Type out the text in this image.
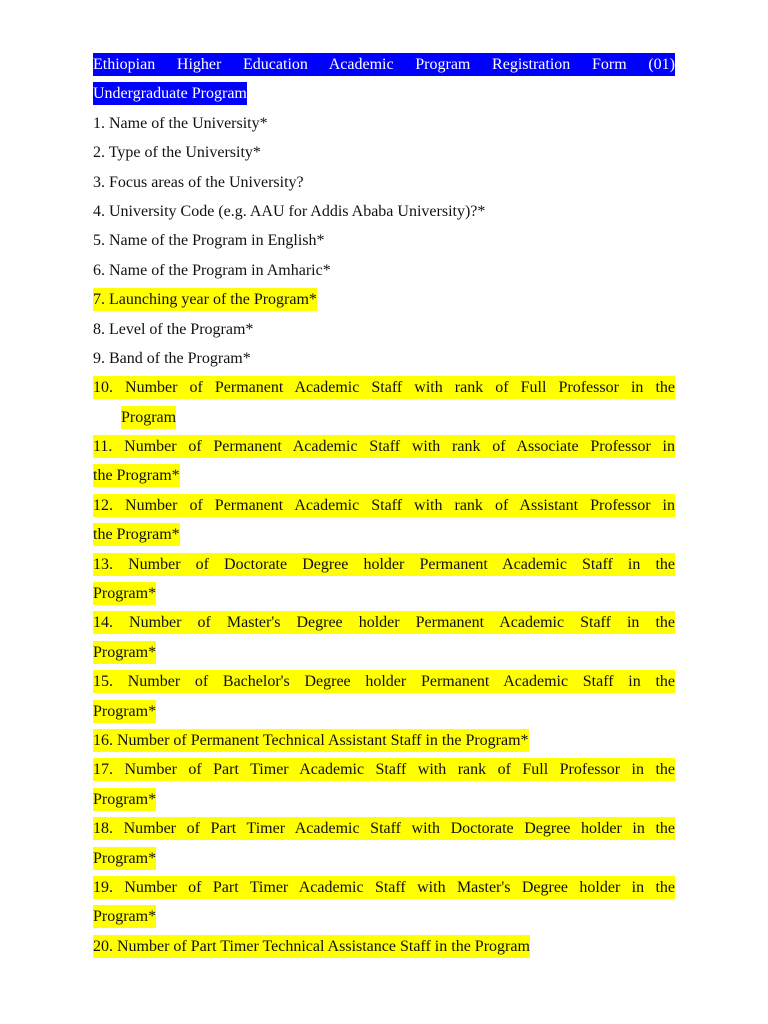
Ethiopian Higher Education Academic Program Registration Form (01)
Undergraduate Program
1. Name of the University*
2. Type of the University*
3. Focus areas of the University?
4. University Code (e.g. AAU for Addis Ababa University)?*
5. Name of the Program in English*
6. Name of the Program in Amharic*
7. Launching year of the Program*
8. Level of the Program*
9. Band of the Program*
10. Number of Permanent Academic Staff with rank of Full Professor in the
Program
11. Number of Permanent Academic Staff with rank of Associate Professor in
the Program*
12. Number of Permanent Academic Staff with rank of Assistant Professor in
the Program*
13. Number of Doctorate Degree holder Permanent Academic Staff in the
Program*
14. Number of Master's Degree holder Permanent Academic Staff in the
Program*
15. Number of Bachelor's Degree holder Permanent Academic Staff in the
Program*
16. Number of Permanent Technical Assistant Staff in the Program*
17. Number of Part Timer Academic Staff with rank of Full Professor in the
Program*
18. Number of Part Timer Academic Staff with Doctorate Degree holder in the
Program*
19. Number of Part Timer Academic Staff with Master's Degree holder in the
Program*
20. Number of Part Timer Technical Assistance Staff in the Program
